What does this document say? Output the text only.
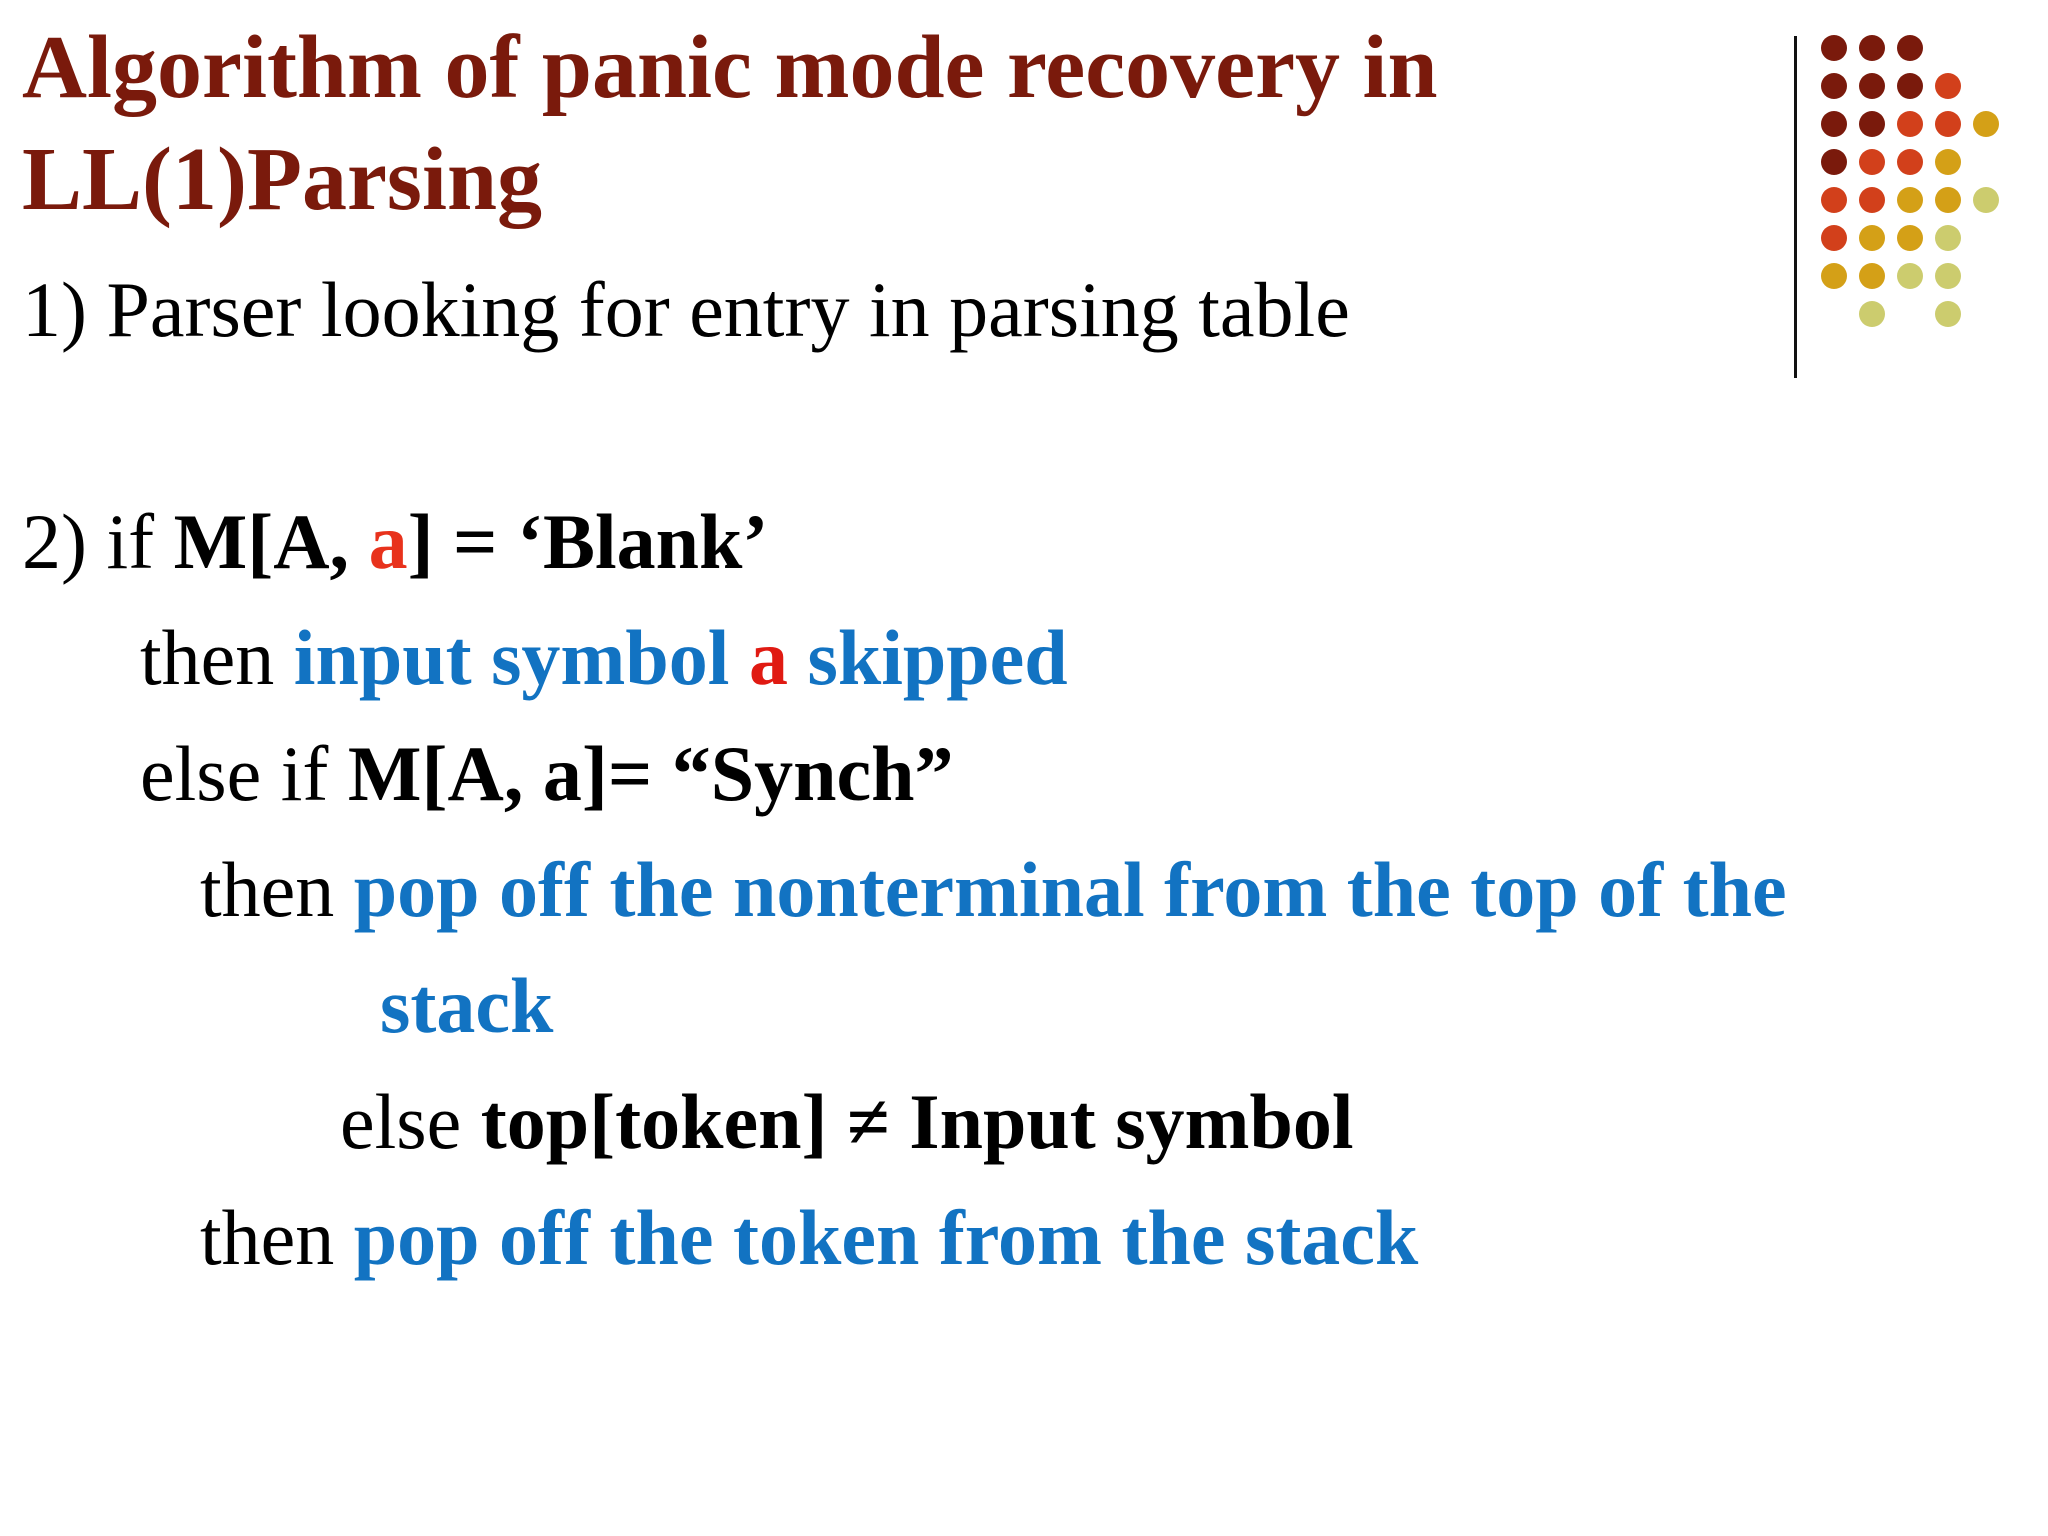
Algorithm of panic mode recovery in
LL(1)Parsing
1) Parser looking for entry in parsing table
2) if M[A, a] = ‘Blank’
then input symbol a skipped
else if M[A, a]= “Synch”
then pop off the nonterminal from the top of the
stack
else top[token] ≠ Input symbol
then pop off the token from the stack
